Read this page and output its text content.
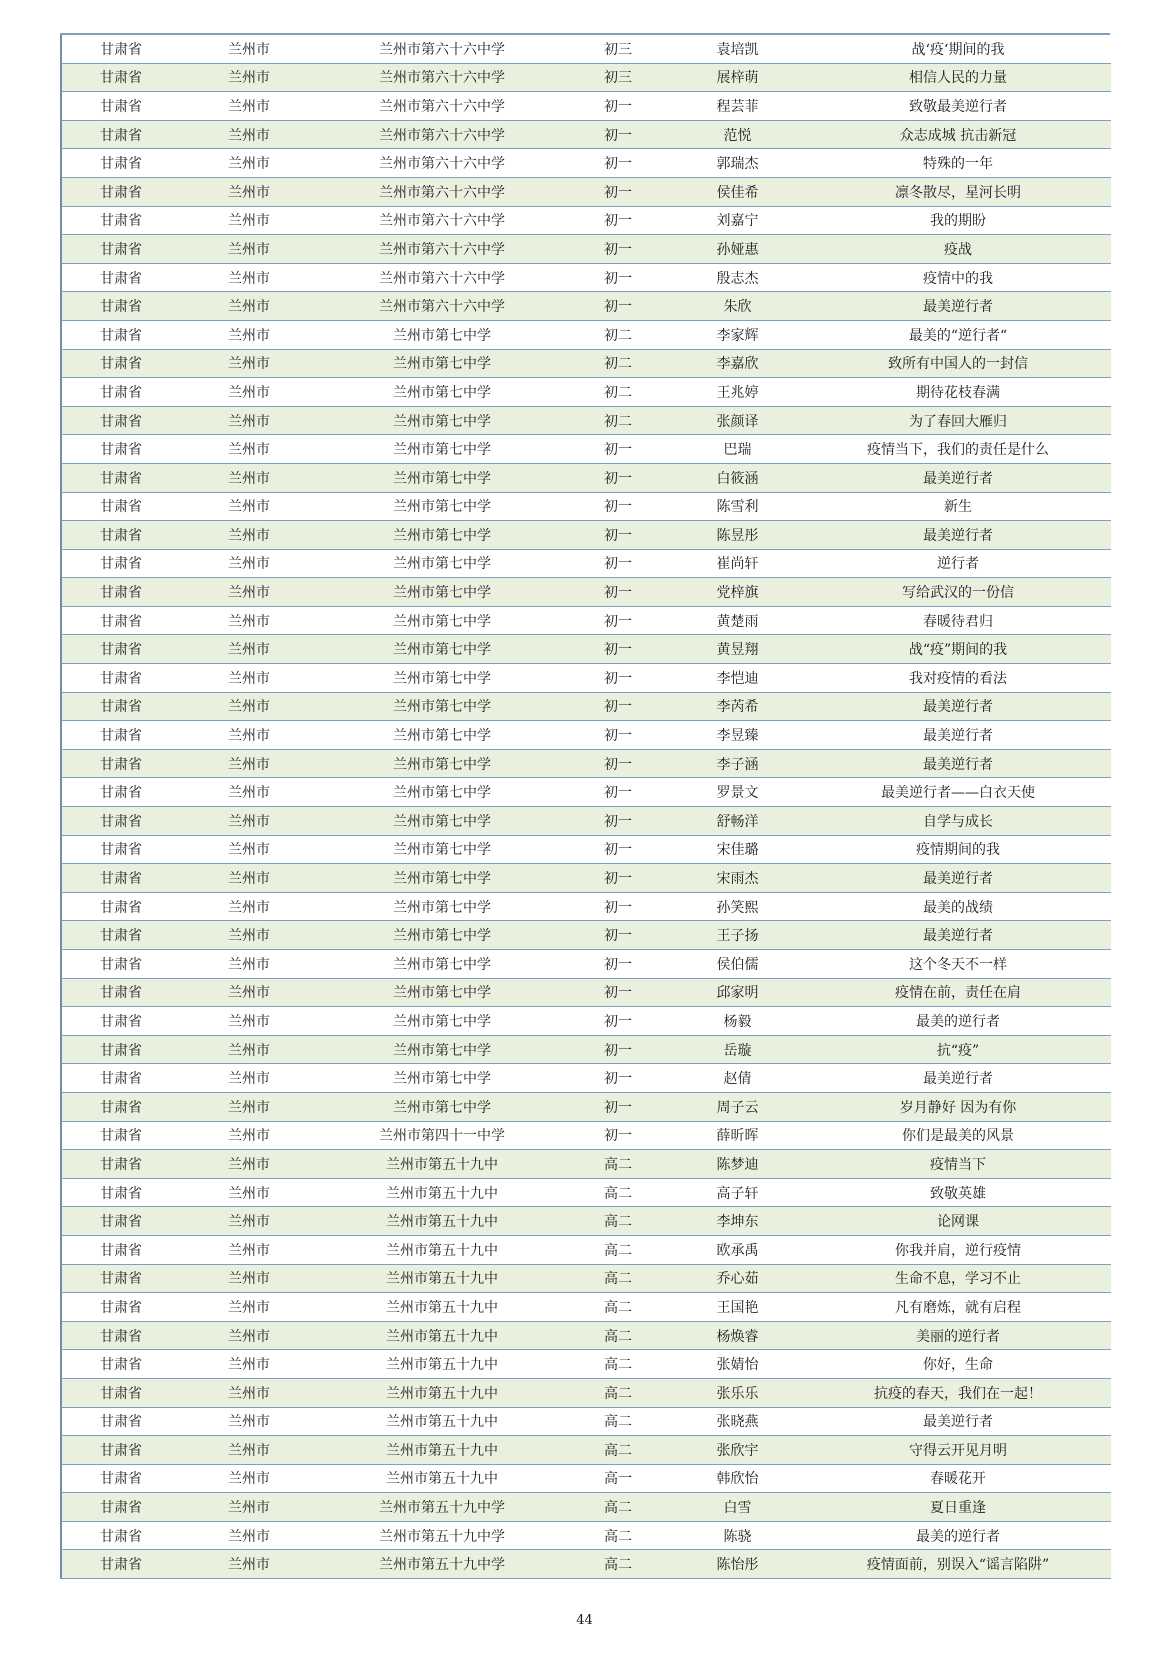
甘肃省	兰州市	兰州市第六十六中学	初三	袁培凯	战‘疫‘期间的我
甘肃省	兰州市	兰州市第六十六中学	初三	展梓萌	相信人民的力量
甘肃省	兰州市	兰州市第六十六中学	初一	程芸菲	致敬最美逆行者
甘肃省	兰州市	兰州市第六十六中学	初一	范悦	众志成城 抗击新冠
甘肃省	兰州市	兰州市第六十六中学	初一	郭瑞杰	特殊的一年
甘肃省	兰州市	兰州市第六十六中学	初一	侯佳希	凛冬散尽，星河长明
甘肃省	兰州市	兰州市第六十六中学	初一	刘嘉宁	我的期盼
甘肃省	兰州市	兰州市第六十六中学	初一	孙娅惠	疫战
甘肃省	兰州市	兰州市第六十六中学	初一	殷志杰	疫情中的我
甘肃省	兰州市	兰州市第六十六中学	初一	朱欣	最美逆行者
甘肃省	兰州市	兰州市第七中学	初二	李家辉	最美的“逆行者“
甘肃省	兰州市	兰州市第七中学	初二	李嘉欣	致所有中国人的一封信
甘肃省	兰州市	兰州市第七中学	初二	王兆婷	期待花枝春满
甘肃省	兰州市	兰州市第七中学	初二	张颜译	为了春回大雁归
甘肃省	兰州市	兰州市第七中学	初一	巴瑞	疫情当下，我们的责任是什么
甘肃省	兰州市	兰州市第七中学	初一	白筱涵	最美逆行者
甘肃省	兰州市	兰州市第七中学	初一	陈雪利	新生
甘肃省	兰州市	兰州市第七中学	初一	陈昱彤	最美逆行者
甘肃省	兰州市	兰州市第七中学	初一	崔尚轩	逆行者
甘肃省	兰州市	兰州市第七中学	初一	党梓旗	写给武汉的一份信
甘肃省	兰州市	兰州市第七中学	初一	黄楚雨	春暖待君归
甘肃省	兰州市	兰州市第七中学	初一	黄昱翔	战“疫”期间的我
甘肃省	兰州市	兰州市第七中学	初一	李恺迪	我对疫情的看法
甘肃省	兰州市	兰州市第七中学	初一	李芮希	最美逆行者
甘肃省	兰州市	兰州市第七中学	初一	李昱臻	最美逆行者
甘肃省	兰州市	兰州市第七中学	初一	李子涵	最美逆行者
甘肃省	兰州市	兰州市第七中学	初一	罗景文	最美逆行者——白衣天使
甘肃省	兰州市	兰州市第七中学	初一	舒畅洋	自学与成长
甘肃省	兰州市	兰州市第七中学	初一	宋佳璐	疫情期间的我
甘肃省	兰州市	兰州市第七中学	初一	宋雨杰	最美逆行者
甘肃省	兰州市	兰州市第七中学	初一	孙笑熙	最美的战绩
甘肃省	兰州市	兰州市第七中学	初一	王子扬	最美逆行者
甘肃省	兰州市	兰州市第七中学	初一	侯伯儒	这个冬天不一样
甘肃省	兰州市	兰州市第七中学	初一	邱家明	疫情在前，责任在肩
甘肃省	兰州市	兰州市第七中学	初一	杨毅	最美的逆行者
甘肃省	兰州市	兰州市第七中学	初一	岳璇	抗“疫”
甘肃省	兰州市	兰州市第七中学	初一	赵倩	最美逆行者
甘肃省	兰州市	兰州市第七中学	初一	周子云	岁月静好 因为有你
甘肃省	兰州市	兰州市第四十一中学	初一	薛昕晖	你们是最美的风景
甘肃省	兰州市	兰州市第五十九中	高二	陈梦迪	疫情当下
甘肃省	兰州市	兰州市第五十九中	高二	高子轩	致敬英雄
甘肃省	兰州市	兰州市第五十九中	高二	李坤东	论网课
甘肃省	兰州市	兰州市第五十九中	高二	欧承禹	你我并肩，逆行疫情
甘肃省	兰州市	兰州市第五十九中	高二	乔心茹	生命不息，学习不止
甘肃省	兰州市	兰州市第五十九中	高二	王国艳	凡有磨炼，就有启程
甘肃省	兰州市	兰州市第五十九中	高二	杨焕睿	美丽的逆行者
甘肃省	兰州市	兰州市第五十九中	高二	张婧怡	你好，生命
甘肃省	兰州市	兰州市第五十九中	高二	张乐乐	抗疫的春天，我们在一起！
甘肃省	兰州市	兰州市第五十九中	高二	张晓燕	最美逆行者
甘肃省	兰州市	兰州市第五十九中	高二	张欣宇	守得云开见月明
甘肃省	兰州市	兰州市第五十九中	高一	韩欣怡	春暖花开
甘肃省	兰州市	兰州市第五十九中学	高二	白雪	夏日重逢
甘肃省	兰州市	兰州市第五十九中学	高二	陈骁	最美的逆行者
甘肃省	兰州市	兰州市第五十九中学	高二	陈怡彤	疫情面前，别误入“谣言陷阱”
44
